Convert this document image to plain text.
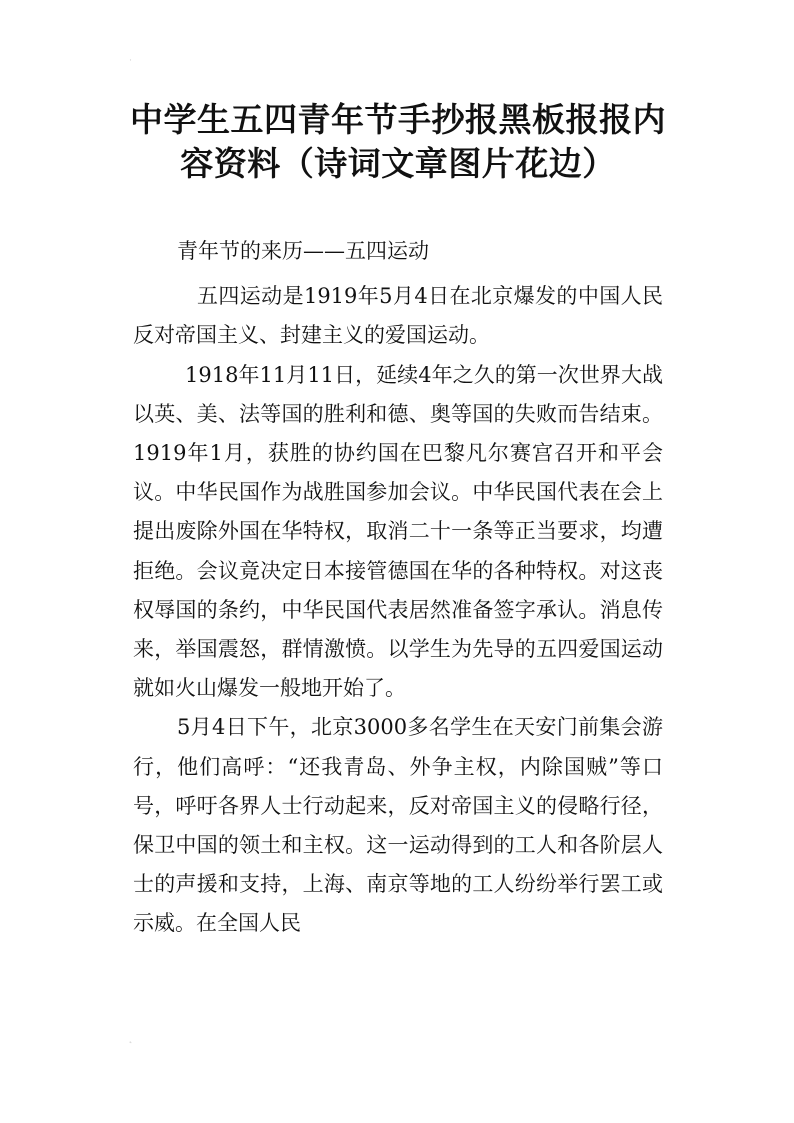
˙
中学生五四青年节手抄报黑板报报内
容资料（诗词文章图片花边）

青年节的来历——五四运动

五四运动是1919年5月4日在北京爆发的中国人民反对帝国主义、封建主义的爱国运动。

1918年11月11日，延续4年之久的第一次世界大战以英、美、法等国的胜利和德、奥等国的失败而告结束。1919年1月，获胜的协约国在巴黎凡尔赛宫召开和平会议。中华民国作为战胜国参加会议。中华民国代表在会上提出废除外国在华特权，取消二十一条等正当要求，均遭拒绝。会议竟决定日本接管德国在华的各种特权。对这丧权辱国的条约，中华民国代表居然准备签字承认。消息传来，举国震怒，群情激愤。以学生为先导的五四爱国运动就如火山爆发一般地开始了。

5月4日下午，北京3000多名学生在天安门前集会游行，他们高呼：“还我青岛、外争主权，内除国贼”等口号，呼吁各界人士行动起来，反对帝国主义的侵略行径，保卫中国的领土和主权。这一运动得到的工人和各阶层人士的声援和支持，上海、南京等地的工人纷纷举行罢工或示威。在全国人民

˛
